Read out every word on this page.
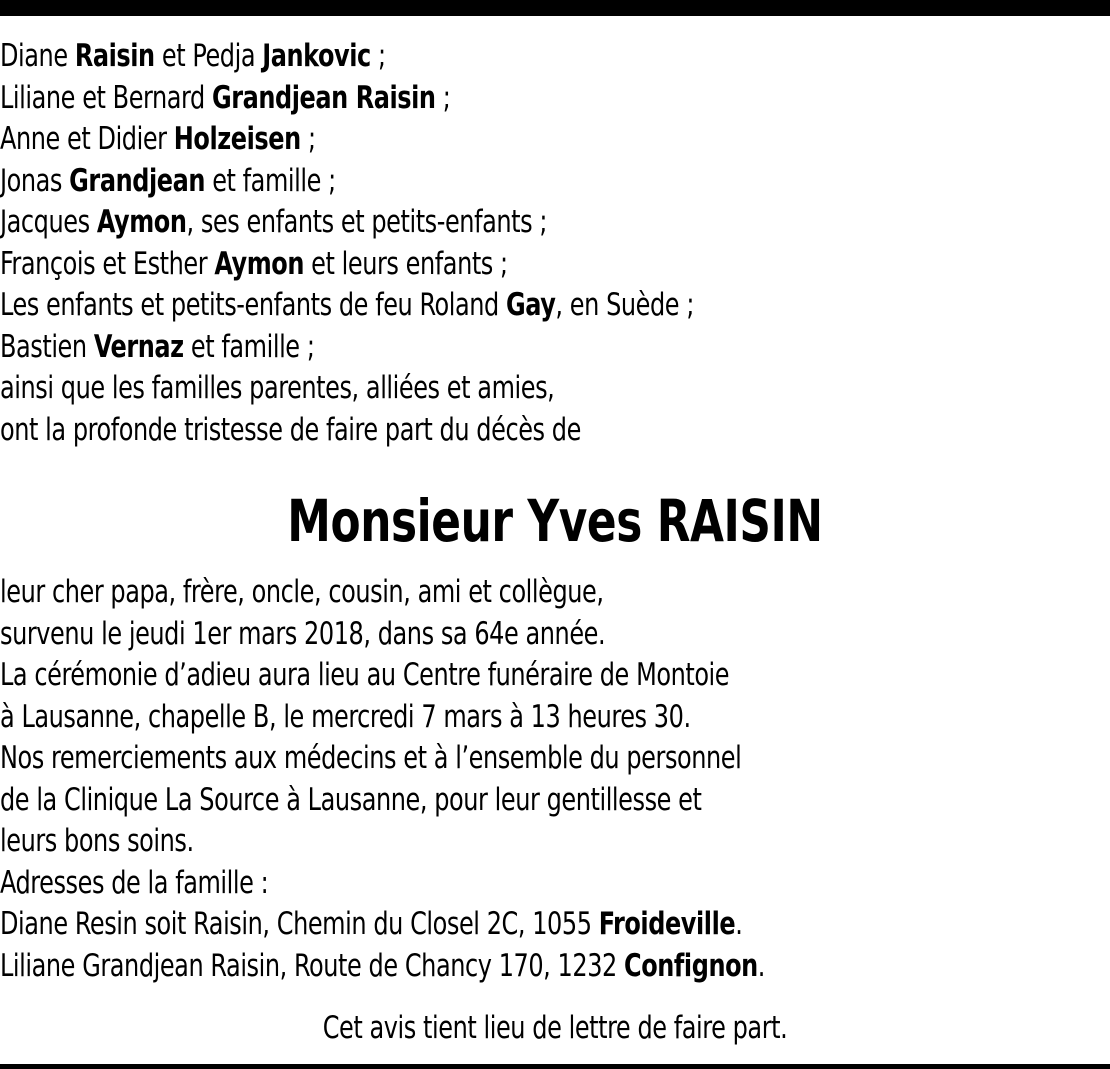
Diane Raisin et Pedja Jankovic ;
Liliane et Bernard Grandjean Raisin ;
Anne et Didier Holzeisen ;
Jonas Grandjean et famille ;
Jacques Aymon, ses enfants et petits-enfants ;
François et Esther Aymon et leurs enfants ;
Les enfants et petits-enfants de feu Roland Gay, en Suède ;
Bastien Vernaz et famille ;
ainsi que les familles parentes, alliées et amies,
ont la profonde tristesse de faire part du décès de
Monsieur Yves RAISIN
leur cher papa, frère, oncle, cousin, ami et collègue,
survenu le jeudi 1er mars 2018, dans sa 64e année.
La cérémonie d’adieu aura lieu au Centre funéraire de Montoie
à Lausanne, chapelle B, le mercredi 7 mars à 13 heures 30.
Nos remerciements aux médecins et à l’ensemble du personnel
de la Clinique La Source à Lausanne, pour leur gentillesse et
leurs bons soins.
Adresses de la famille :
Diane Resin soit Raisin, Chemin du Closel 2C, 1055 Froideville.
Liliane Grandjean Raisin, Route de Chancy 170, 1232 Confignon.
Cet avis tient lieu de lettre de faire part.
